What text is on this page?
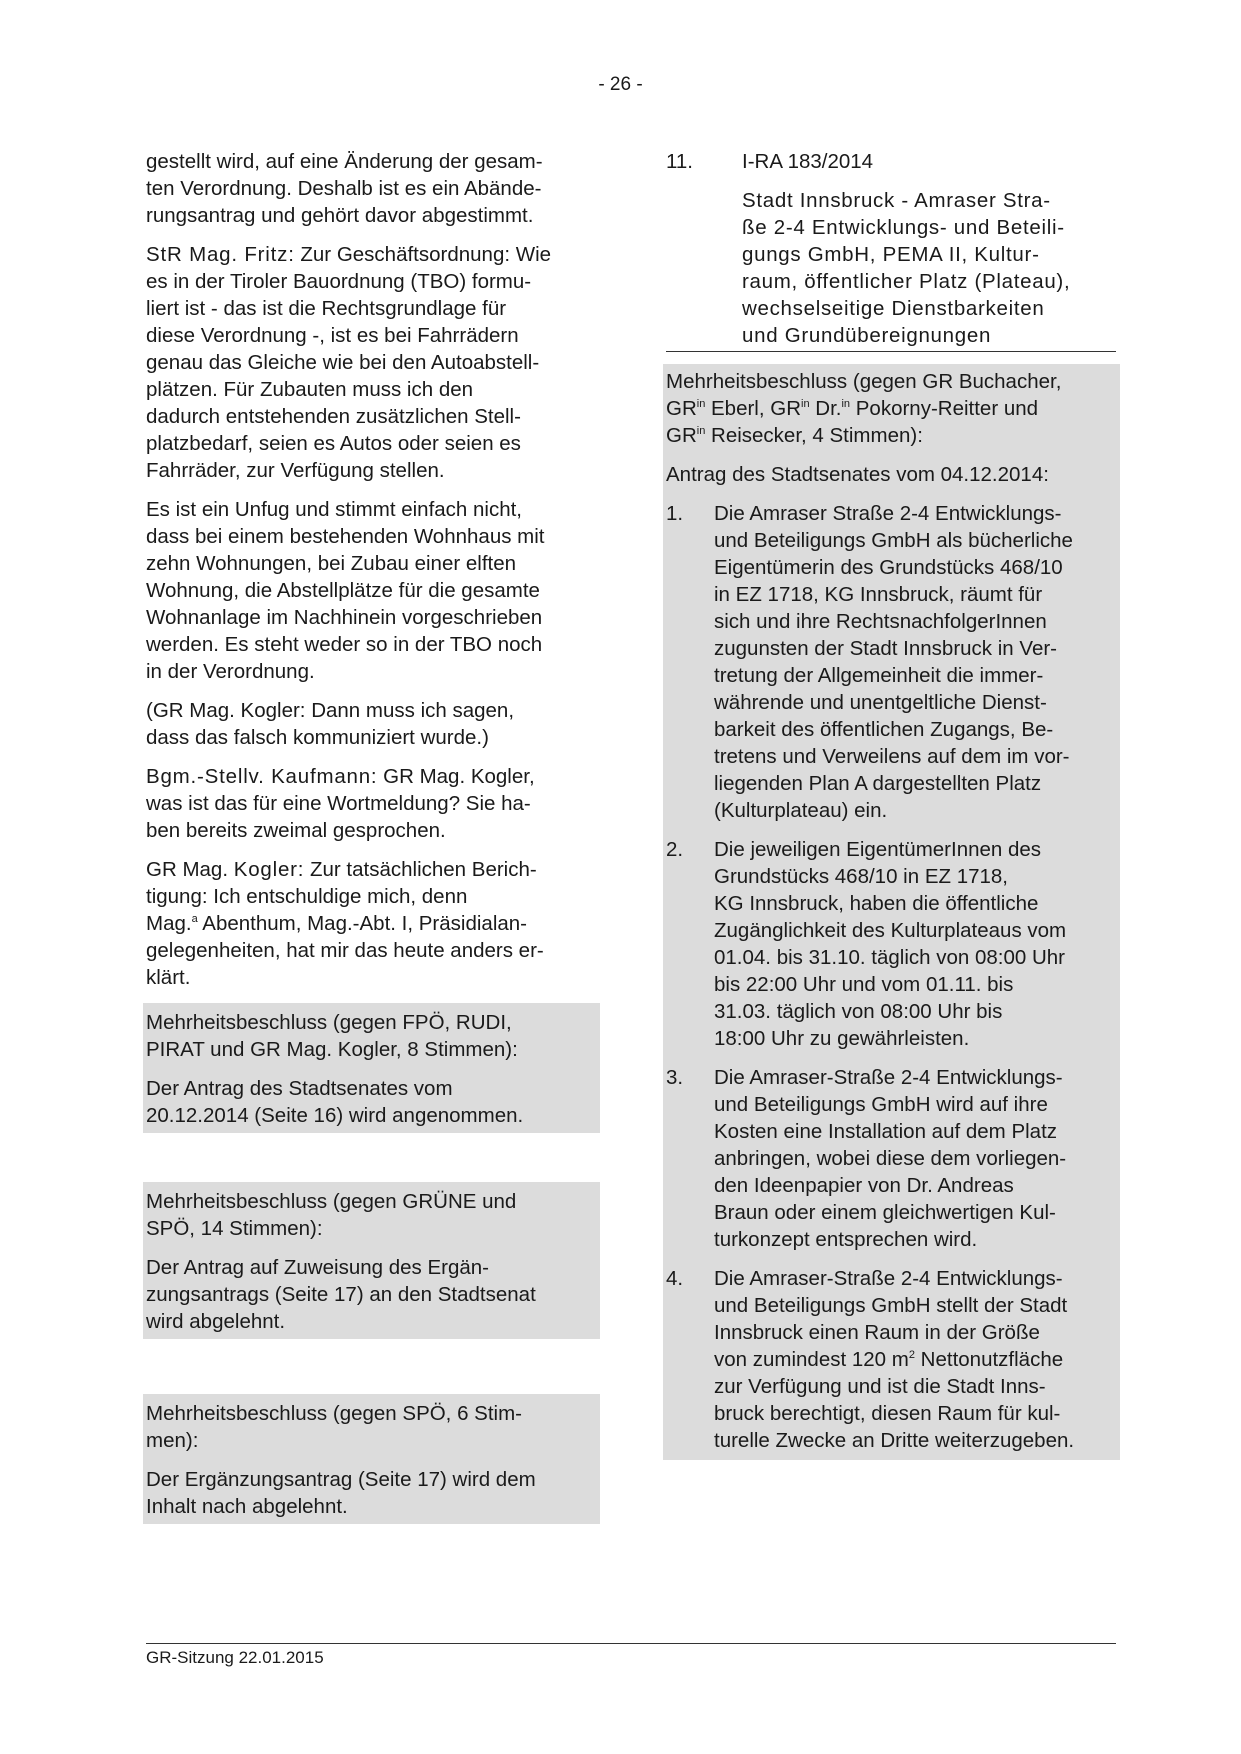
- 26 -

gestellt wird, auf eine Änderung der gesam-
ten Verordnung. Deshalb ist es ein Abände-
rungsantrag und gehört davor abgestimmt.

StR Mag. Fritz: Zur Geschäftsordnung: Wie
es in der Tiroler Bauordnung (TBO) formu-
liert ist - das ist die Rechtsgrundlage für
diese Verordnung -, ist es bei Fahrrädern
genau das Gleiche wie bei den Autoabstell-
plätzen. Für Zubauten muss ich den
dadurch entstehenden zusätzlichen Stell-
platzbedarf, seien es Autos oder seien es
Fahrräder, zur Verfügung stellen.

Es ist ein Unfug und stimmt einfach nicht,
dass bei einem bestehenden Wohnhaus mit
zehn Wohnungen, bei Zubau einer elften
Wohnung, die Abstellplätze für die gesamte
Wohnanlage im Nachhinein vorgeschrieben
werden. Es steht weder so in der TBO noch
in der Verordnung.

(GR Mag. Kogler: Dann muss ich sagen,
dass das falsch kommuniziert wurde.)

Bgm.-Stellv. Kaufmann: GR Mag. Kogler,
was ist das für eine Wortmeldung? Sie ha-
ben bereits zweimal gesprochen.

GR Mag. Kogler: Zur tatsächlichen Berich-
tigung: Ich entschuldige mich, denn
Mag.$^a$ Abenthum, Mag.-Abt. I, Präsidialan-
gelegenheiten, hat mir das heute anders er-
klärt.

Mehrheitsbeschluss (gegen FPÖ, RUDI,
PIRAT und GR Mag. Kogler, 8 Stimmen):

Der Antrag des Stadtsenates vom
20.12.2014 (Seite 16) wird angenommen.

Mehrheitsbeschluss (gegen GRÜNE und
SPÖ, 14 Stimmen):

Der Antrag auf Zuweisung des Ergän-
zungsantrags (Seite 17) an den Stadtsenat
wird abgelehnt.

Mehrheitsbeschluss (gegen SPÖ, 6 Stim-
men):

Der Ergänzungsantrag (Seite 17) wird dem
Inhalt nach abgelehnt.

11. I-RA 183/2014
Stadt Innsbruck - Amraser Stra-
ße 2-4 Entwicklungs- und Beteili-
gungs GmbH, PEMA II, Kultur-
raum, öffentlicher Platz (Plateau),
wechselseitige Dienstbarkeiten
und Grundübereignungen

Mehrheitsbeschluss (gegen GR Buchacher,
$GR^{in}$ Eberl, $GR^{in}$ Dr.$^{in}$ Pokorny-Reitter und
$GR^{in}$ Reisecker, 4 Stimmen):

Antrag des Stadtsenates vom 04.12.2014:

1. Die Amraser Straße 2-4 Entwicklungs-
und Beteiligungs GmbH als bücherliche
Eigentümerin des Grundstücks 468/10
in EZ 1718, KG Innsbruck, räumt für
sich und ihre RechtsnachfolgerInnen
zugunsten der Stadt Innsbruck in Ver-
tretung der Allgemeinheit die immer-
währende und unentgeltliche Dienst-
barkeit des öffentlichen Zugangs, Be-
tretens und Verweilens auf dem im vor-
liegenden Plan A dargestellten Platz
(Kulturplateau) ein.
2. Die jeweiligen EigentümerInnen des
Grundstücks 468/10 in EZ 1718,
KG Innsbruck, haben die öffentliche
Zugänglichkeit des Kulturplateaus vom
01.04. bis 31.10. täglich von 08:00 Uhr
bis 22:00 Uhr und vom 01.11. bis
31.03. täglich von 08:00 Uhr bis
18:00 Uhr zu gewährleisten.
3. Die Amraser-Straße 2-4 Entwicklungs-
und Beteiligungs GmbH wird auf ihre
Kosten eine Installation auf dem Platz
anbringen, wobei diese dem vorliegen-
den Ideenpapier von Dr. Andreas
Braun oder einem gleichwertigen Kul-
turkonzept entsprechen wird.
4. Die Amraser-Straße 2-4 Entwicklungs-
und Beteiligungs GmbH stellt der Stadt
Innsbruck einen Raum in der Größe
von zumindest 120 $m^2$ Nettonutzfläche
zur Verfügung und ist die Stadt Inns-
bruck berechtigt, diesen Raum für kul-
turelle Zwecke an Dritte weiterzugeben.
GR-Sitzung 22.01.2015
